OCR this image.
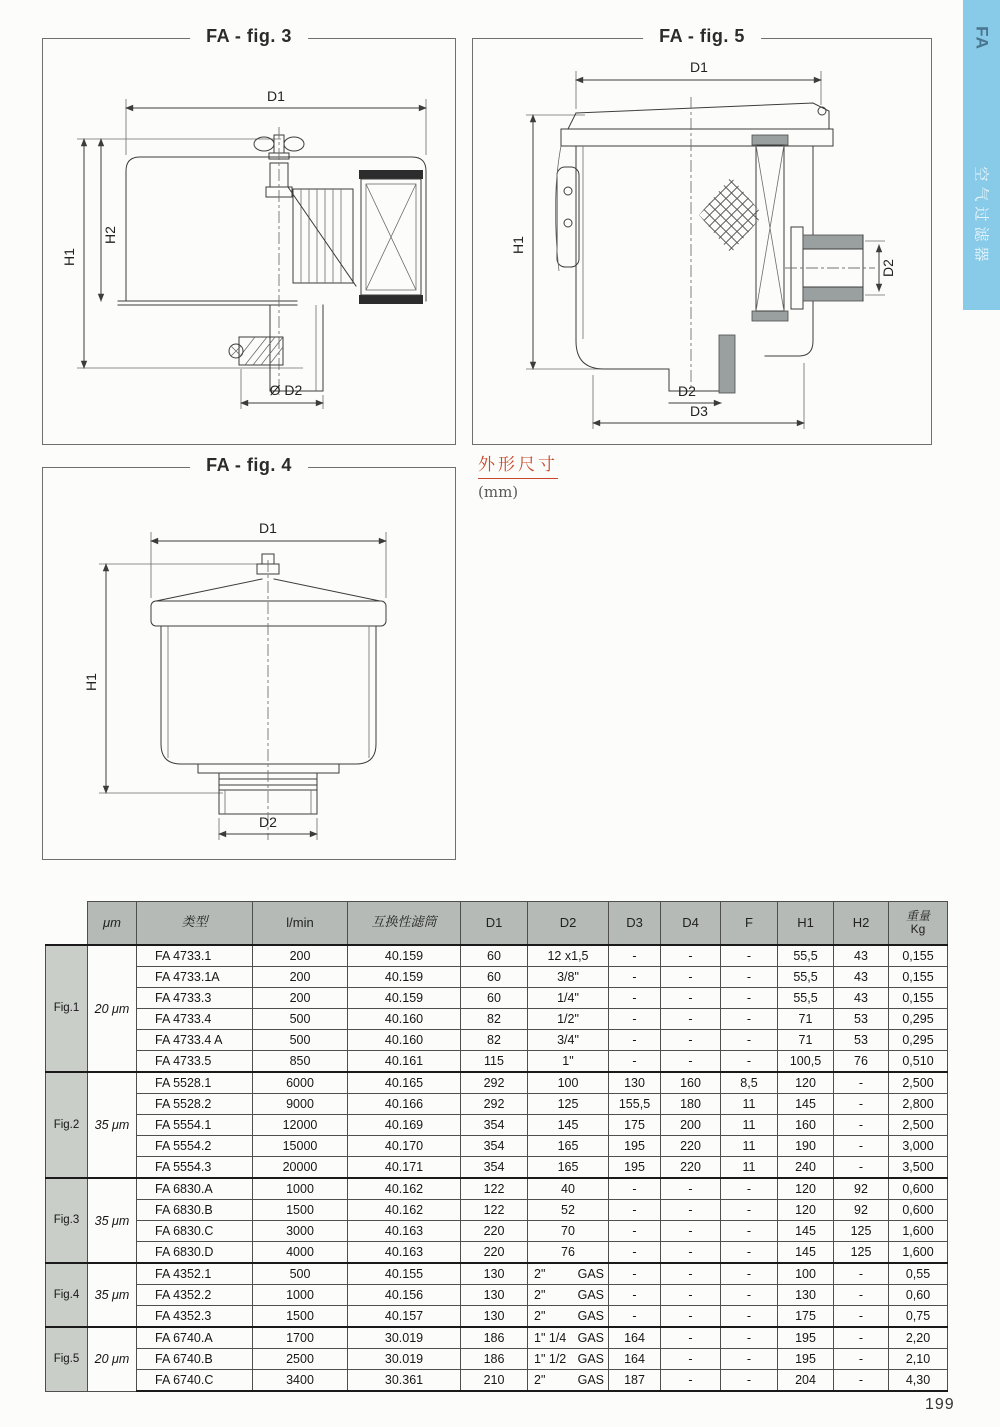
FA - fig. 3
D1
H1
H2
Ø D2
FA - fig. 5
D1
H1
D2
D2
D3
FA - fig. 4
D1
H1
D2
外形尺寸
(mm)
FA
空气过滤器
	μm	类型	l/min	互换性滤筒	D1	D2	D3	D4	F	H1	H2	重量
Kg

Fig.1	20 μm	FA 4733.1	200	40.159	60	12 x1,5	-	-	-	55,5	43	0,155
		FA 4733.1A	200	40.159	60	3/8"	-	-	-	55,5	43	0,155
		FA 4733.3	200	40.159	60	1/4"	-	-	-	55,5	43	0,155
		FA 4733.4	500	40.160	82	1/2"	-	-	-	71	53	0,295
		FA 4733.4 A	500	40.160	82	3/4"	-	-	-	71	53	0,295
		FA 4733.5	850	40.161	115	1"	-	-	-	100,5	76	0,510
Fig.2	35 μm	FA 5528.1	6000	40.165	292	100	130	160	8,5	120	-	2,500
		FA 5528.2	9000	40.166	292	125	155,5	180	11	145	-	2,800
		FA 5554.1	12000	40.169	354	145	175	200	11	160	-	2,500
		FA 5554.2	15000	40.170	354	165	195	220	11	190	-	3,000
		FA 5554.3	20000	40.171	354	165	195	220	11	240	-	3,500
Fig.3	35 μm	FA 6830.A	1000	40.162	122	40	-	-	-	120	92	0,600
		FA 6830.B	1500	40.162	122	52	-	-	-	120	92	0,600
		FA 6830.C	3000	40.163	220	70	-	-	-	145	125	1,600
		FA 6830.D	4000	40.163	220	76	-	-	-	145	125	1,600
Fig.4	35 μm	FA 4352.1	500	40.155	130	2" GAS	-	-	-	100	-	0,55
		FA 4352.2	1000	40.156	130	2" GAS	-	-	-	130	-	0,60
		FA 4352.3	1500	40.157	130	2" GAS	-	-	-	175	-	0,75
Fig.5	20 μm	FA 6740.A	1700	30.019	186	1" 1/4 GAS	164	-	-	195	-	2,20
		FA 6740.B	2500	30.019	186	1" 1/2 GAS	164	-	-	195	-	2,10
		FA 6740.C	3400	30.361	210	2" GAS	187	-	-	204	-	4,30
199
